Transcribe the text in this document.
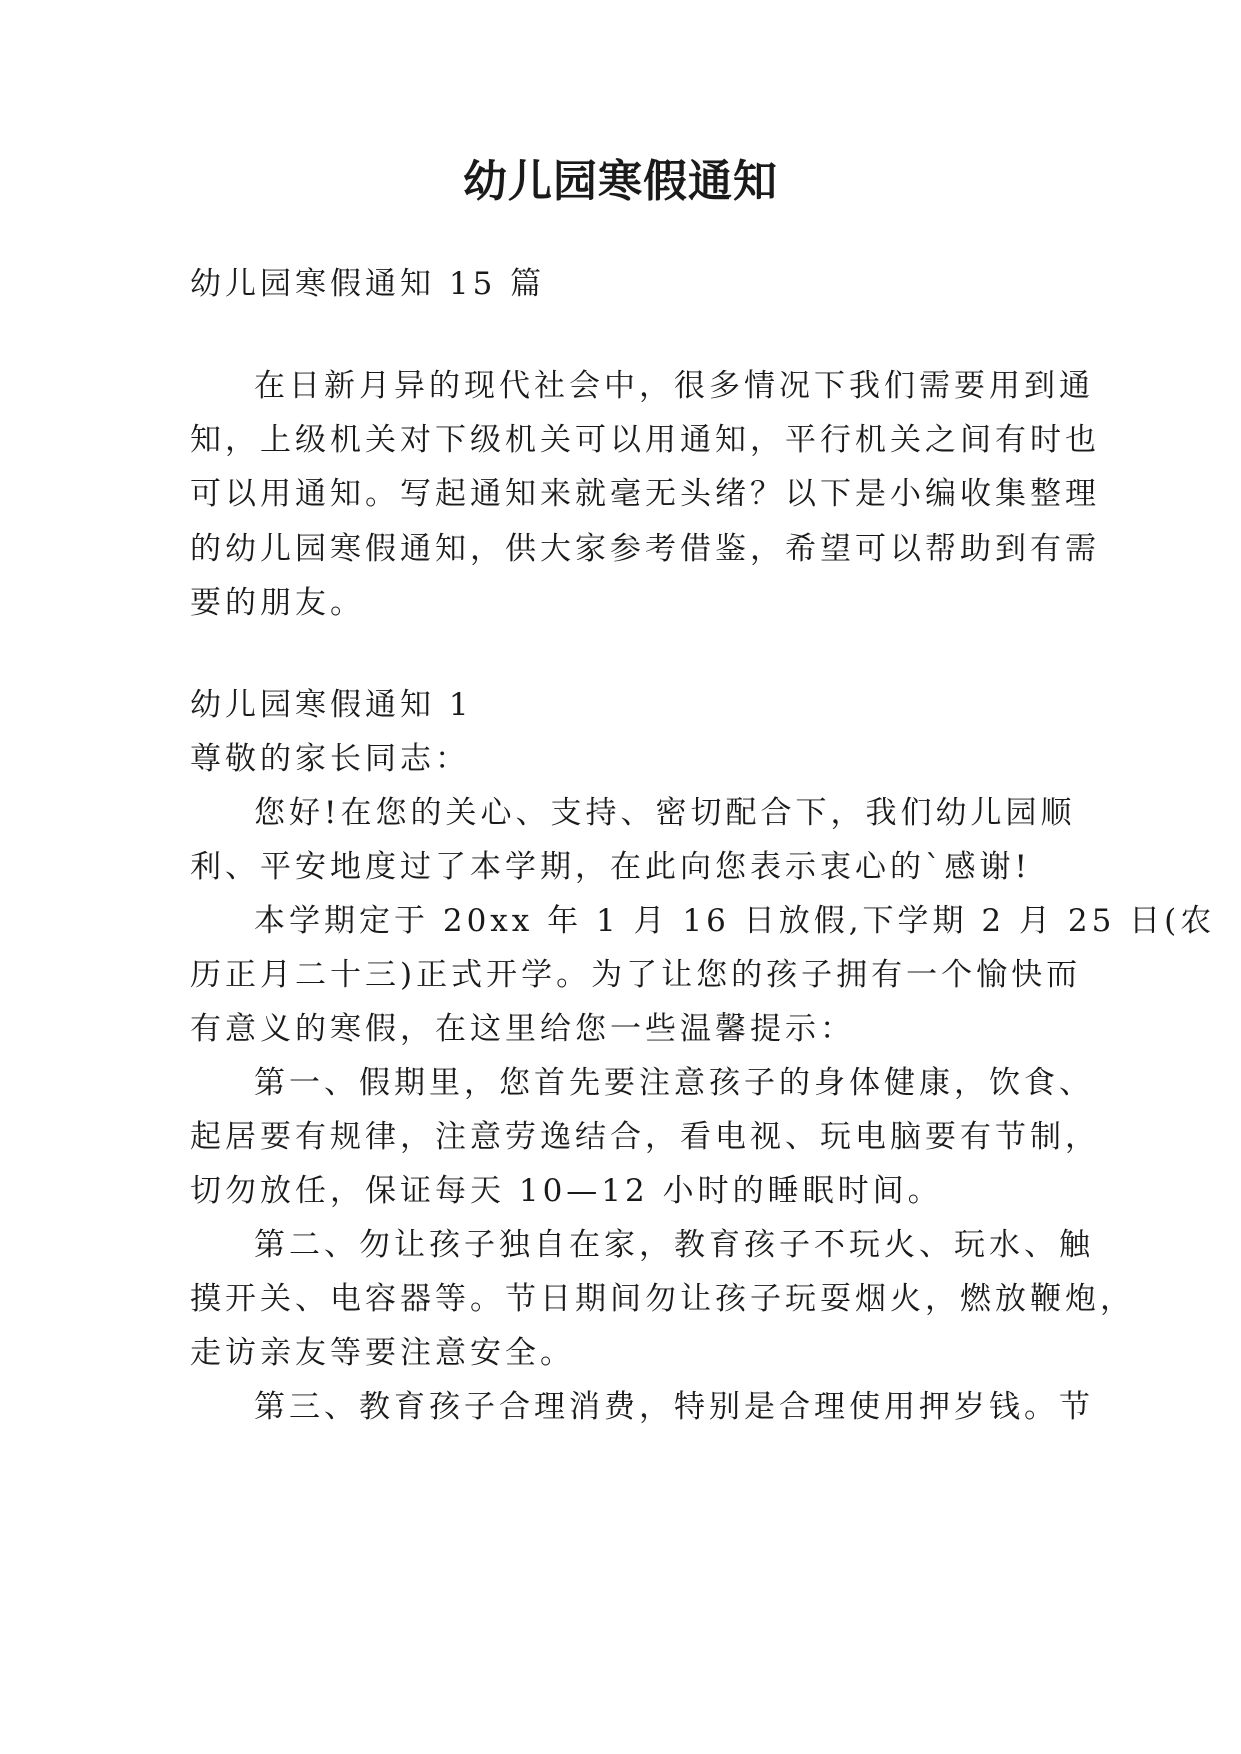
幼儿园寒假通知
幼儿园寒假通知 15 篇
在日新月异的现代社会中，很多情况下我们需要用到通
知，上级机关对下级机关可以用通知，平行机关之间有时也
可以用通知。写起通知来就毫无头绪？以下是小编收集整理
的幼儿园寒假通知，供大家参考借鉴，希望可以帮助到有需
要的朋友。
幼儿园寒假通知 1
尊敬的家长同志：
您好!在您的关心、支持、密切配合下，我们幼儿园顺
利、平安地度过了本学期，在此向您表示衷心的`感谢!
本学期定于 20xx 年 1 月 16 日放假,下学期 2 月 25 日(农
历正月二十三)正式开学。为了让您的孩子拥有一个愉快而
有意义的寒假，在这里给您一些温馨提示：
第一、假期里，您首先要注意孩子的身体健康，饮食、
起居要有规律，注意劳逸结合，看电视、玩电脑要有节制，
切勿放任，保证每天 10—12 小时的睡眠时间。
第二、勿让孩子独自在家，教育孩子不玩火、玩水、触
摸开关、电容器等。节日期间勿让孩子玩耍烟火，燃放鞭炮，
走访亲友等要注意安全。
第三、教育孩子合理消费，特别是合理使用押岁钱。节
